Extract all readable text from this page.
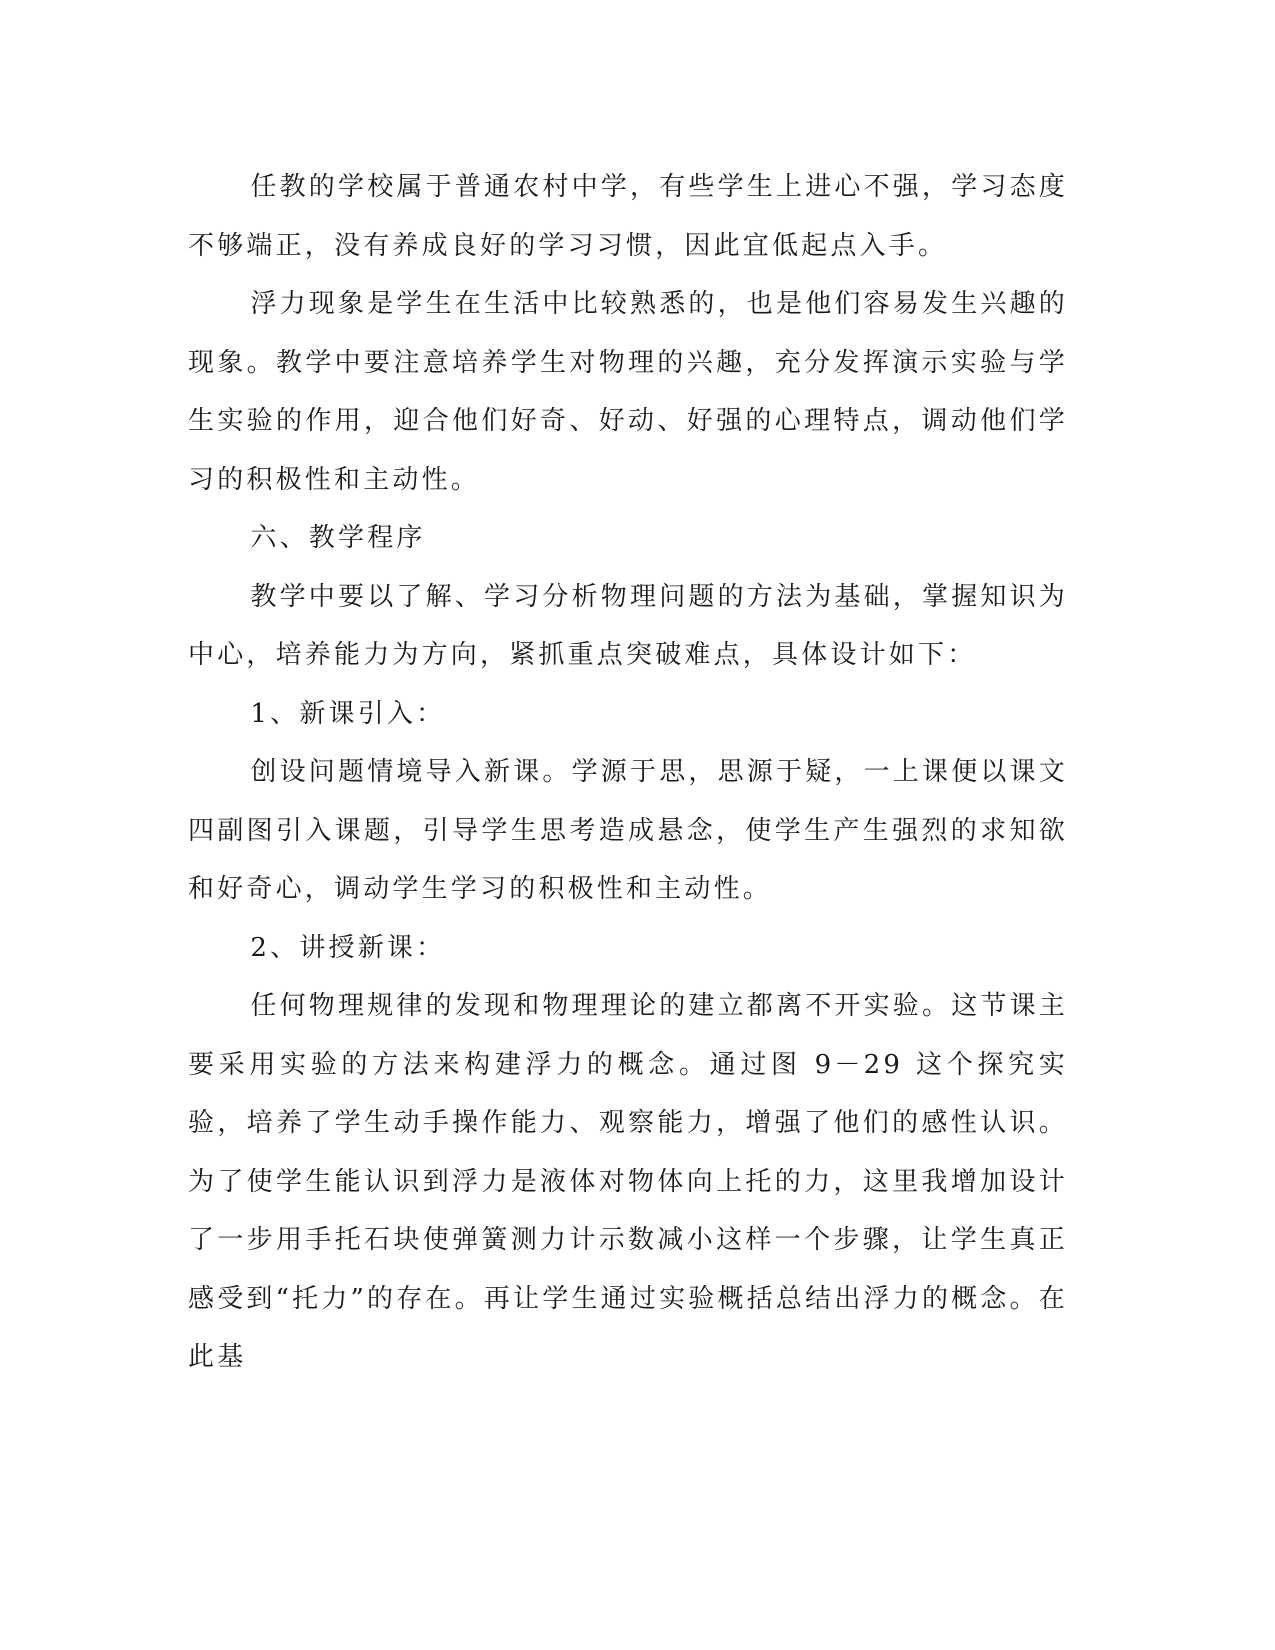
任教的学校属于普通农村中学，有些学生上进心不强，学习态度不够端正，没有养成良好的学习习惯，因此宜低起点入手。

浮力现象是学生在生活中比较熟悉的，也是他们容易发生兴趣的现象。教学中要注意培养学生对物理的兴趣，充分发挥演示实验与学生实验的作用，迎合他们好奇、好动、好强的心理特点，调动他们学习的积极性和主动性。

六、教学程序

教学中要以了解、学习分析物理问题的方法为基础，掌握知识为中心，培养能力为方向，紧抓重点突破难点，具体设计如下：

1、新课引入：

创设问题情境导入新课。学源于思，思源于疑，一上课便以课文四副图引入课题，引导学生思考造成悬念，使学生产生强烈的求知欲和好奇心，调动学生学习的积极性和主动性。

2、讲授新课：

任何物理规律的发现和物理理论的建立都离不开实验。这节课主要采用实验的方法来构建浮力的概念。通过图 9－29 这个探究实验，培养了学生动手操作能力、观察能力，增强了他们的感性认识。为了使学生能认识到浮力是液体对物体向上托的力，这里我增加设计了一步用手托石块使弹簧测力计示数减小这样一个步骤，让学生真正感受到“托力”的存在。再让学生通过实验概括总结出浮力的概念。在此基
